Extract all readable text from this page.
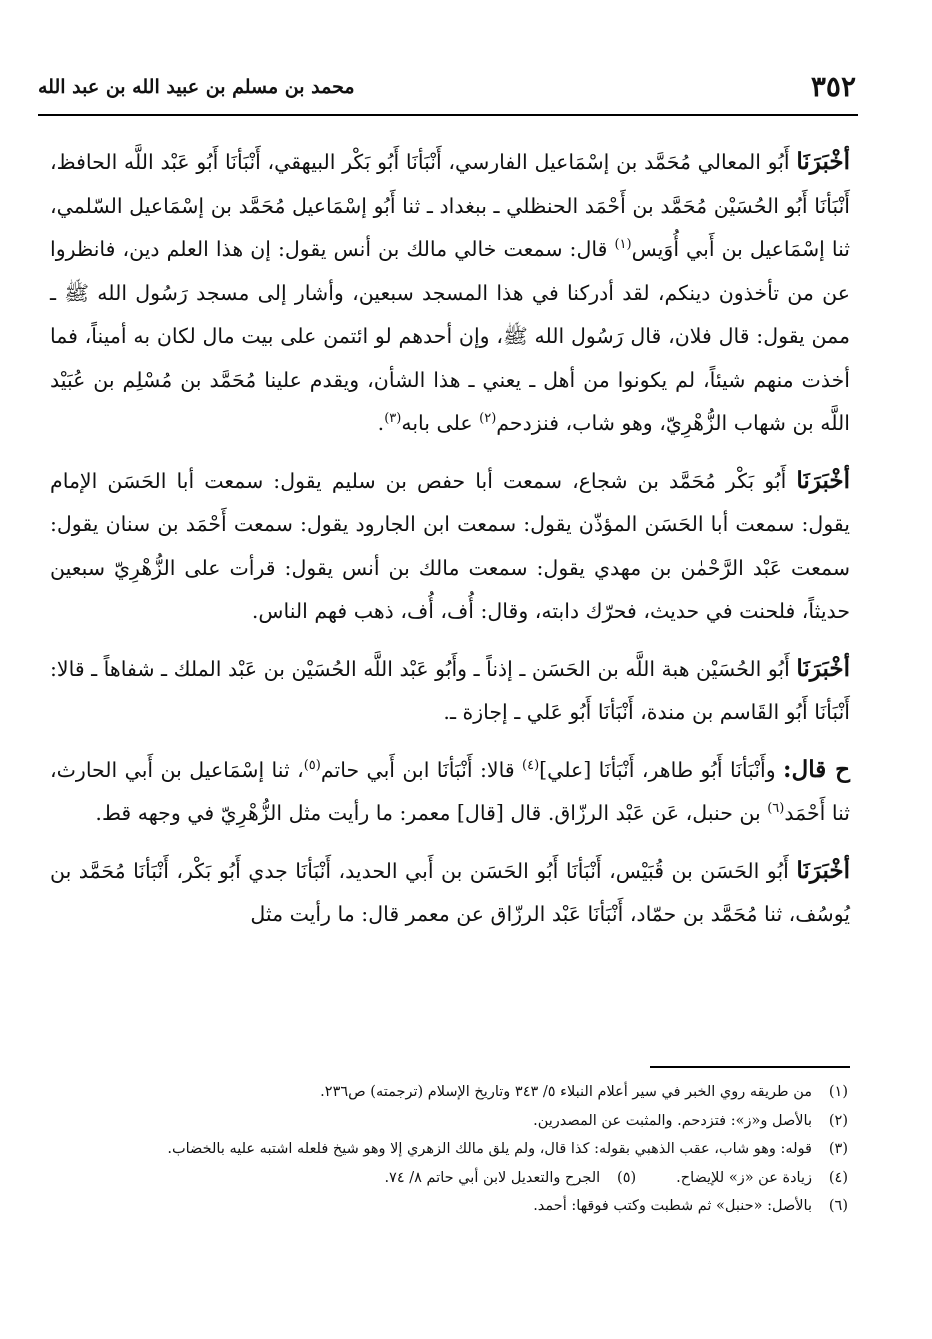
٣٥٢
محمد بن مسلم بن عبيد الله بن عبد الله

أخْبَرَنَا أَبُو المعالي مُحَمَّد بن إسْمَاعيل الفارسي، أَنْبَأنَا أَبُو بَكْر البيهقي، أَنْبَأنَا أَبُو عَبْد اللَّه الحافظ، أَنْبَأنَا أَبُو الحُسَيْن مُحَمَّد بن أَحْمَد الحنظلي ـ ببغداد ـ ثنا أَبُو إسْمَاعيل مُحَمَّد بن إسْمَاعيل السّلمي، ثنا إسْمَاعيل بن أَبي أُوَيس$^{(١)}$ قال: سمعت خالي مالك بن أنس يقول: إن هذا العلم دين، فانظروا عن من تأخذون دينكم، لقد أدركنا في هذا المسجد سبعين، وأشار إلى مسجد رَسُول الله ﷺ ـ ممن يقول: قال فلان، قال رَسُول الله ﷺ، وإن أحدهم لو ائتمن على بيت مال لكان به أميناً، فما أخذت منهم شيئاً، لم يكونوا من أهل ـ يعني ـ هذا الشأن، ويقدم علينا مُحَمَّد بن مُسْلِم بن عُبَيْد اللَّه بن شهاب الزُّهْرِيّ، وهو شاب، فنزدحم$^{(٢)}$ على بابه$^{(٣)}$.

أخْبَرَنَا أَبُو بَكْر مُحَمَّد بن شجاع، سمعت أبا حفص بن سليم يقول: سمعت أبا الحَسَن الإمام يقول: سمعت أبا الحَسَن المؤذّن يقول: سمعت ابن الجارود يقول: سمعت أَحْمَد بن سنان يقول: سمعت عَبْد الرَّحْمٰن بن مهدي يقول: سمعت مالك بن أنس يقول: قرأت على الزُّهْرِيّ سبعين حديثاً، فلحنت في حديث، فحرّك دابته، وقال: أُف، أُف، ذهب فهم الناس.

أخْبَرَنَا أَبُو الحُسَيْن هبة اللَّه بن الحَسَن ـ إذناً ـ وأَبُو عَبْد اللَّه الحُسَيْن بن عَبْد الملك ـ شفاهاً ـ قالا: أَنْبَأنَا أَبُو القَاسم بن مندة، أَنْبَأنَا أَبُو عَلي ـ إجازة ـ.

ح قال: وأَنْبَأنَا أَبُو طاهر، أَنْبَأنَا [علي]$^{(٤)}$ قالا: أَنْبَأنَا ابن أَبي حاتم$^{(٥)}$، ثنا إسْمَاعيل بن أَبي الحارث، ثنا أَحْمَد$^{(٦)}$ بن حنبل، عَن عَبْد الرزّاق. قال [قال] معمر: ما رأيت مثل الزُّهْرِيّ في وجهه قط.

أخْبَرَنَا أَبُو الحَسَن بن قُبَيْس، أَنْبَأنَا أَبُو الحَسَن بن أَبي الحديد، أَنْبَأنَا جدي أَبُو بَكْر، أَنْبَأنَا مُحَمَّد بن يُوسُف، ثنا مُحَمَّد بن حمّاد، أَنْبَأنَا عَبْد الرزّاق عن معمر قال: ما رأيت مثل

(١)
من طريقه روي الخبر في سير أعلام النبلاء ٥/ ٣٤٣ وتاريخ الإسلام (ترجمته) ص٢٣٦.
(٢)
بالأصل و«ز»: فتزدحم. والمثبت عن المصدرين.
(٣)
قوله: وهو شاب، عقب الذهبي بقوله: كذا قال، ولم يلق مالك الزهري إلا وهو شيخ فلعله اشتبه عليه بالخضاب.
(٤)
زيادة عن «ز» للإيضاح.
(٥)
الجرح والتعديل لابن أبي حاتم ٨/ ٧٤.
(٦)
بالأصل: «حنبل» ثم شطبت وكتب فوقها: أحمد.
